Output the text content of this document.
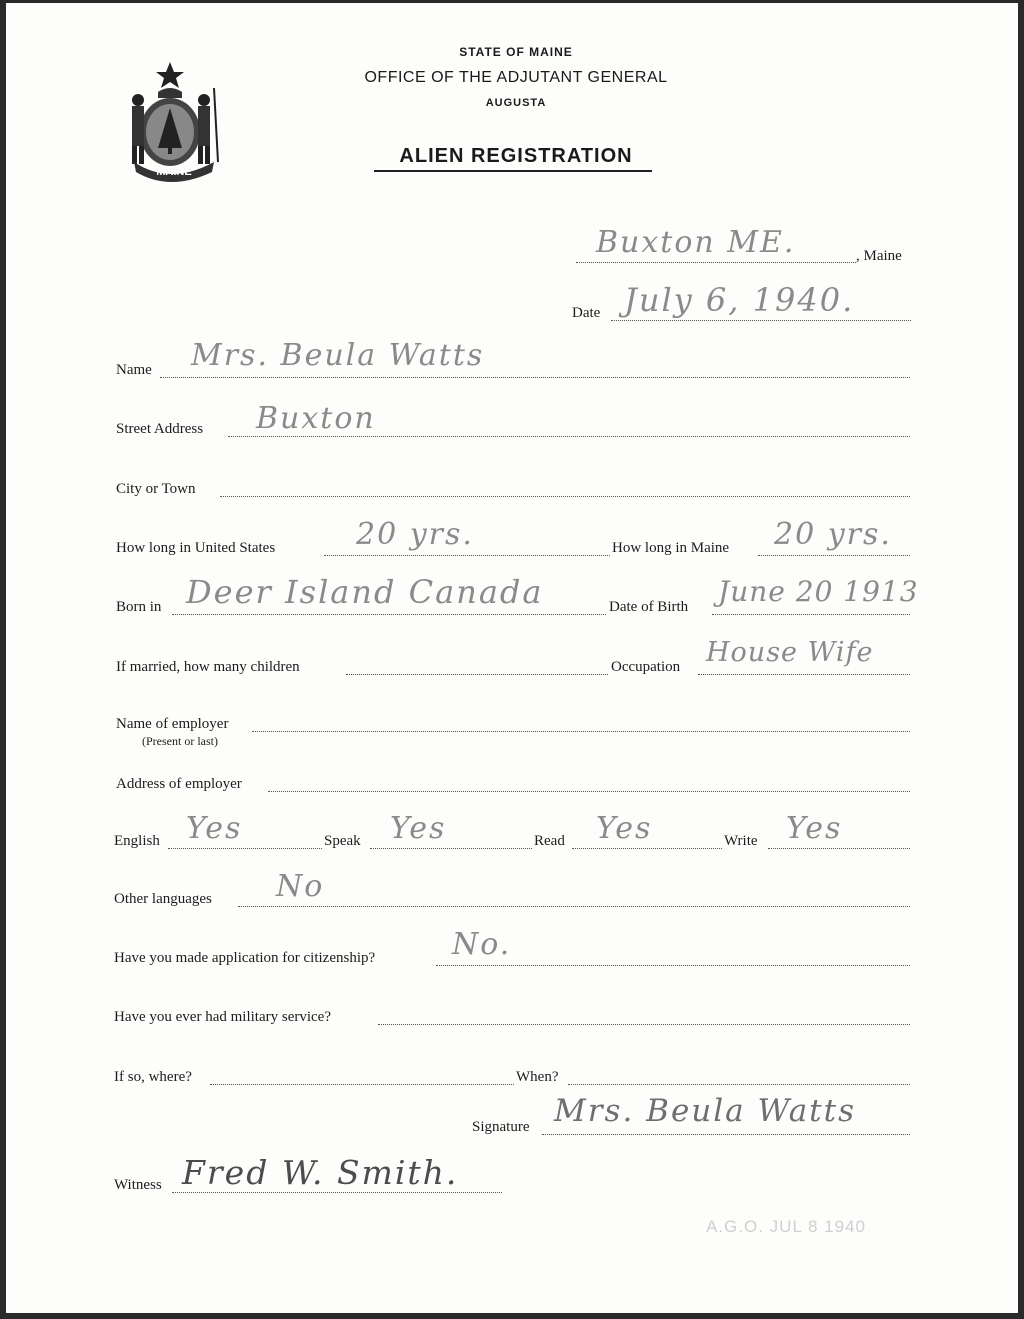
MAINE
STATE OF MAINE
OFFICE OF THE ADJUTANT GENERAL
AUGUSTA
ALIEN REGISTRATION
Buxton ME.	, Maine
Date July 6, 1940.
Name Mrs. Beula Watts
Street Address Buxton
City or Town
How long in United States	20 yrs.	How long in Maine 20 yrs.
Born in Deer Island Canada	Date of Birth June 20 1913
If married, how many children	Occupation House Wife
Name of employer
(Present or last)
Address of employer
English Yes	Speak Yes	Read Yes	Write Yes
Other languages No
Have you made application for citizenship?	No.
Have you ever had military service?
If so, where?	When?
Signature Mrs. Beula Watts
Witness Fred W. Smith.
A.G.O. JUL 8 1940
